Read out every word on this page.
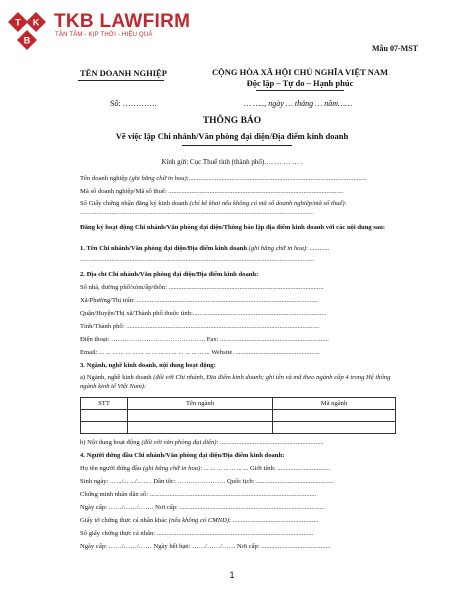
T K
B
TKB LAWFIRM
TẬN TÂM - KỊP THỜI - HIỆU QUẢ
Mẫu 07-MST
TÊN DOANH NGHIỆP	CỘNG HÒA XÃ HỘI CHỦ NGHĨA VIỆT NAM
Độc lập – Tự do – Hạnh phúc
Số: ………….	… ….., ngày … tháng … năm……
THÔNG BÁO
Về việc lập Chi nhánh/Văn phòng đại diện/Địa điểm kinh doanh
Kính gửi: Cục Thuế tỉnh (thành phố)…. … … … .
Tên doanh nghiệp (ghi bằng chữ in hoa):............................................................................................................
Mã số doanh nghiệp/Mã số thuế: ..........................................................................................................
Số Giấy chứng nhận đăng ký kinh doanh (chỉ kê khai nếu không có mã số doanh nghiệp/mã số thuế):
..............................................................................................................................................
Đăng ký hoạt động Chi nhánh/Văn phòng đại diện/Thông báo lập địa điểm kinh doanh với các nội dung sau:
1. Tên Chi nhánh/Văn phòng đại diện/Địa điểm kinh doanh (ghi bằng chữ in hoa): ............
..............................................................................................................................................
2. Địa chỉ Chi nhánh/Văn phòng đại diện/Địa điểm kinh doanh:
Số nhà, đường phố/xóm/ấp/thôn: ..............................................................................................
Xã/Phường/Thị trấn: ..............................................................................................................
Quận/Huyện/Thị xã/Thành phố thuộc tỉnh:.................................................................................
Tỉnh/Thành phố: .....................................................................................................................
Điện thoại: ……………………………………. Fax: ..................................................................
Email: ... ... ... ... ... ... ... ... ... ... ... ... ... ... ... ... ... Website. ...................................................
3. Ngành, nghề kinh doanh, nội dung hoạt động:
a) Ngành, nghề kinh doanh (đối với Chi nhánh, Địa điểm kinh doanh; ghi tên và mã theo ngành cấp 4 trong Hệ thống ngành kinh tế Việt Nam):
STT	Tên ngành	Mã ngành

b) Nội dung hoạt động (đối với văn phòng đại diện): ...............................................................
4. Người đứng đầu Chi nhánh/Văn phòng đại diện/Địa điểm kinh doanh:
Họ tên người đứng đầu (ghi bằng chữ in hoa): ... ... ... ... ... ... ... Giới tính: ................................
Sinh ngày: ... .../... .../... ... . Dân tộc: …………………. Quốc tịch: ...............................................
Chứng minh nhân dân số: .....................................................................................................
Ngày cấp: ……/……/……. Nơi cấp: ........................................................................................
Giấy tờ chứng thực cá nhân khác (nếu không có CMND): ....................................................
Số giấy chứng thực cá nhân: ...............................................................................................
Ngày cấp: ……/……/…… Ngày hết hạn: ……/……/…… Nơi cấp: ..........................................
1
